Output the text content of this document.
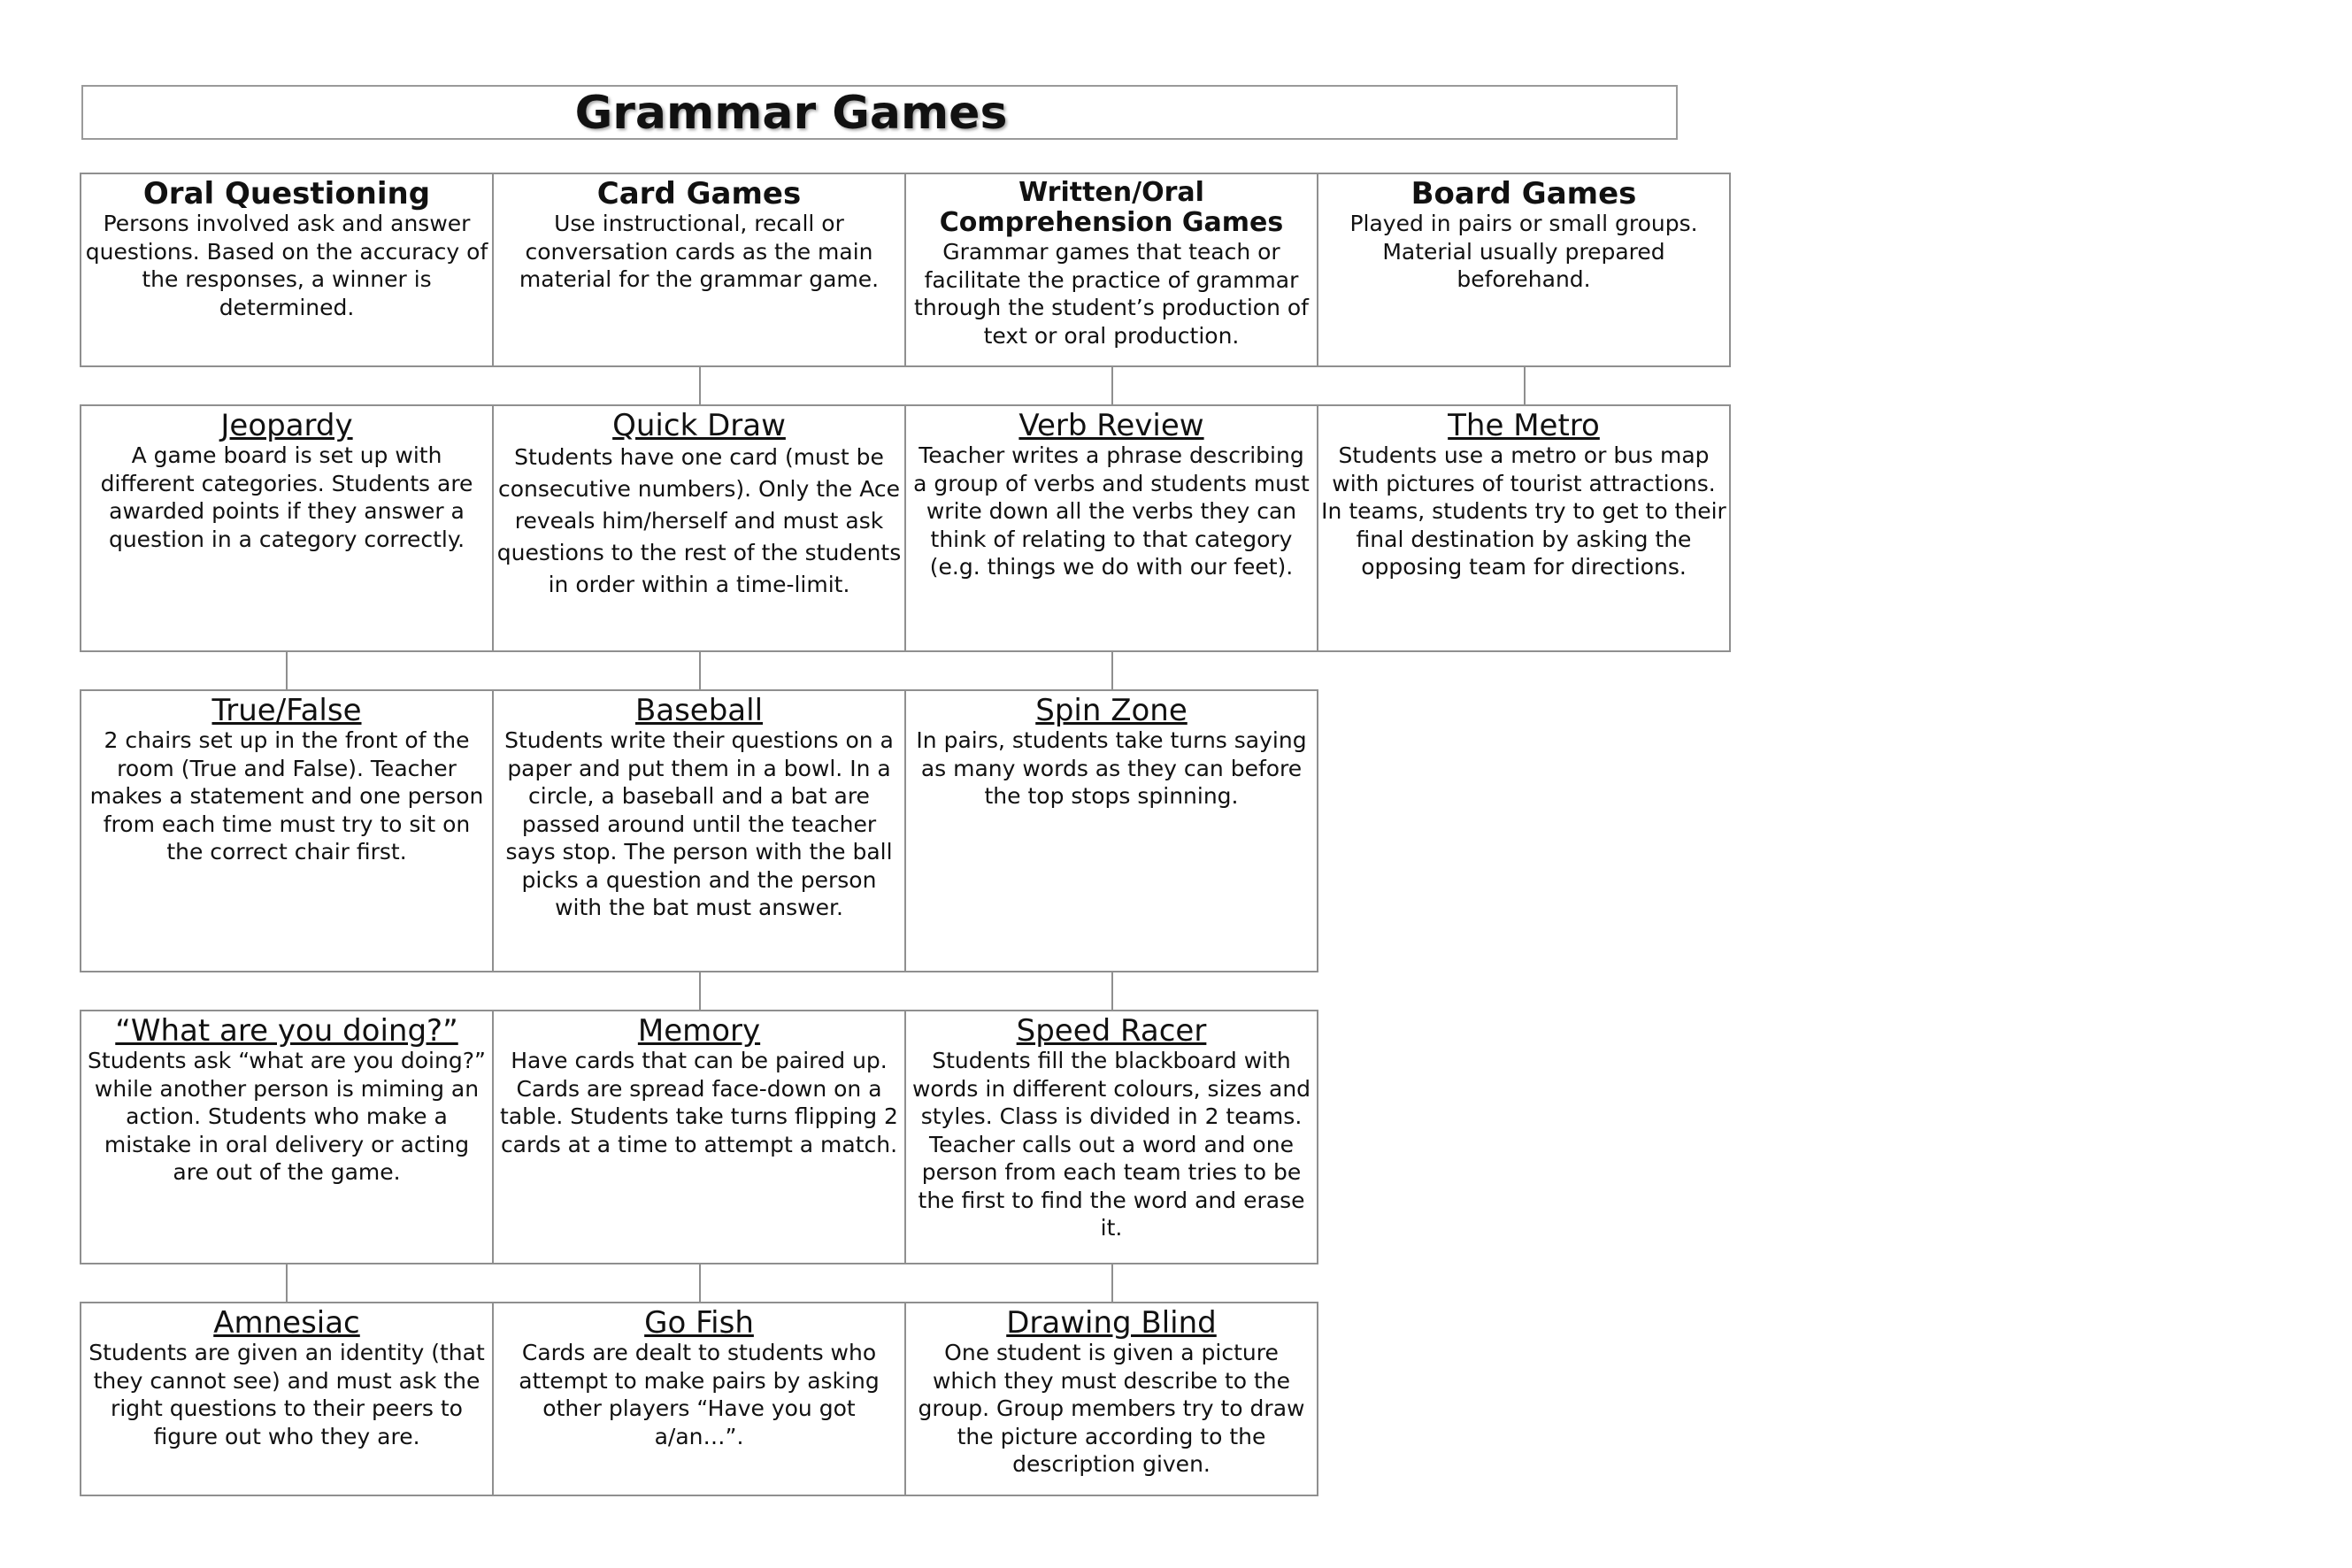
Grammar Games
Oral Questioning
Persons involved ask and answer questions. Based on the accuracy of the responses, a winner is determined.
Card Games
Use instructional, recall or conversation cards as the main material for the grammar game.
Written/Oral Comprehension Games
Grammar games that teach or facilitate the practice of grammar through the student’s production of text or oral production.
Board Games
Played in pairs or small groups. Material usually prepared beforehand.
Jeopardy
A game board is set up with different categories. Students are awarded points if they answer a question in a category correctly.
Quick Draw
Students have one card (must be consecutive numbers). Only the Ace reveals him/herself and must ask questions to the rest of the students in order within a time-limit.
Verb Review
Teacher writes a phrase describing a group of verbs and students must write down all the verbs they can think of relating to that category (e.g. things we do with our feet).
The Metro
Students use a metro or bus map with pictures of tourist attractions. In teams, students try to get to their final destination by asking the opposing team for directions.
True/False
2 chairs set up in the front of the room (True and False). Teacher makes a statement and one person from each time must try to sit on the correct chair first.
Baseball
Students write their questions on a paper and put them in a bowl. In a circle, a baseball and a bat are passed around until the teacher says stop. The person with the ball picks a question and the person with the bat must answer.
Spin Zone
In pairs, students take turns saying as many words as they can before the top stops spinning.
“What are you doing?”
Students ask “what are you doing?” while another person is miming an action. Students who make a mistake in oral delivery or acting are out of the game.
Memory
Have cards that can be paired up. Cards are spread face-down on a table. Students take turns flipping 2 cards at a time to attempt a match.
Speed Racer
Students fill the blackboard with words in different colours, sizes and styles. Class is divided in 2 teams. Teacher calls out a word and one person from each team tries to be the first to find the word and erase it.
Amnesiac
Students are given an identity (that they cannot see) and must ask the right questions to their peers to figure out who they are.
Go Fish
Cards are dealt to students who attempt to make pairs by asking other players “Have you got a/an…”.
Drawing Blind
One student is given a picture which they must describe to the group. Group members try to draw the picture according to the description given.
